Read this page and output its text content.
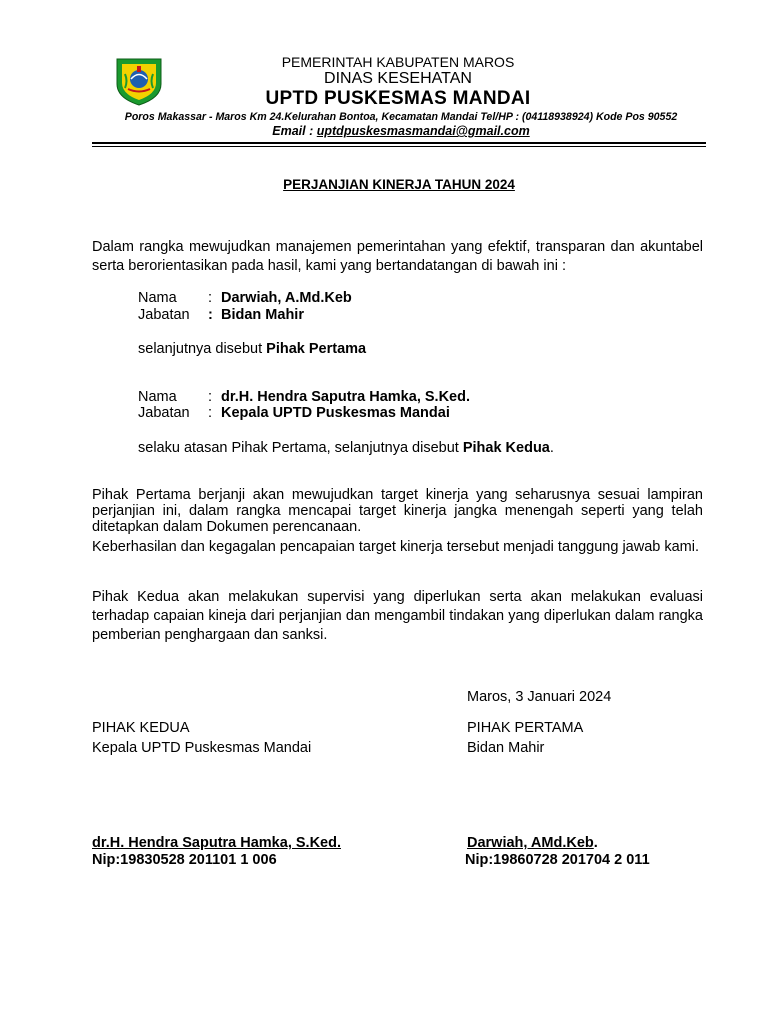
PEMERINTAH KABUPATEN MAROS
DINAS KESEHATAN
UPTD PUSKESMAS MANDAI
Poros Makassar - Maros Km 24.Kelurahan Bontoa, Kecamatan Mandai Tel/HP : (04118938924) Kode Pos 90552
Email : uptdpuskesmasmandai@gmail.com
PERJANJIAN KINERJA TAHUN 2024
Dalam rangka mewujudkan manajemen pemerintahan yang efektif, transparan dan akuntabel serta berorientasikan pada hasil, kami yang bertandatangan di bawah ini :
Nama : Darwiah, A.Md.Keb
Jabatan : Bidan Mahir
selanjutnya disebut Pihak Pertama
Nama : dr.H. Hendra Saputra Hamka, S.Ked.
Jabatan : Kepala UPTD Puskesmas Mandai
selaku atasan Pihak Pertama, selanjutnya disebut Pihak Kedua.
Pihak Pertama berjanji akan mewujudkan target kinerja yang seharusnya sesuai lampiran perjanjian ini, dalam rangka mencapai target kinerja jangka menengah seperti yang telah ditetapkan dalam Dokumen perencanaan.
Keberhasilan dan kegagalan pencapaian target kinerja tersebut menjadi tanggung jawab kami.
Pihak Kedua akan melakukan supervisi yang diperlukan serta akan melakukan evaluasi terhadap capaian kineja dari perjanjian dan mengambil tindakan yang diperlukan dalam rangka pemberian penghargaan dan sanksi.
Maros, 3 Januari 2024
PIHAK KEDUA
Kepala UPTD Puskesmas Mandai
PIHAK PERTAMA
Bidan Mahir
dr.H. Hendra Saputra Hamka, S.Ked.
Nip:19830528 201101 1 006
Darwiah, AMd.Keb.
Nip:19860728 201704 2 011
